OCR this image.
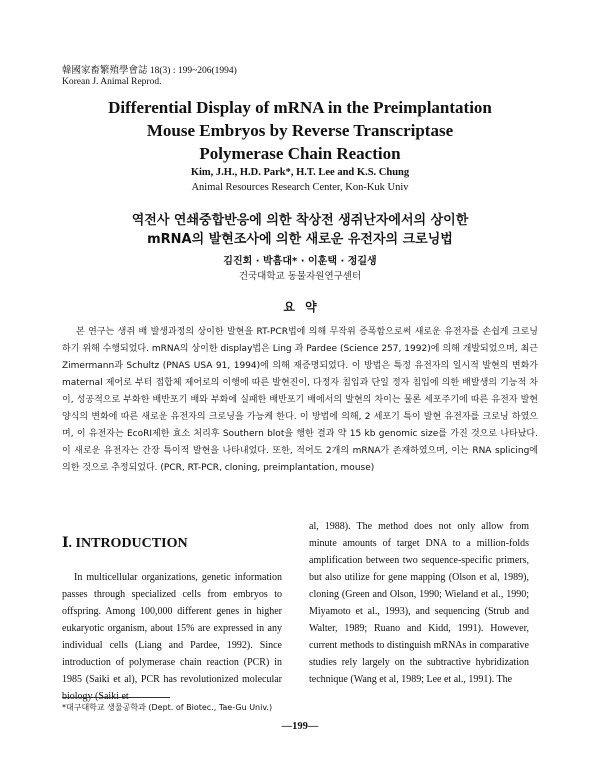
韓國家畜繁殖學會誌 18(3) : 199~206(1994)
Korean J. Animal Reprod.
Differential Display of mRNA in the Preimplantation
Mouse Embryos by Reverse Transcriptase
Polymerase Chain Reaction
Kim, J.H., H.D. Park*, H.T. Lee and K.S. Chung
Animal Resources Research Center, Kon-Kuk Univ
역전사 연쇄중합반응에 의한 착상전 생쥐난자에서의 상이한
mRNA의 발현조사에 의한 새로운 유전자의 크로닝법
김진회 · 박흠대* · 이훈택 · 정길생
건국대학교 동물자원연구센터
요 약

본 연구는 생쥐 배 발생과정의 상이한 발현을 RT-PCR법에 의해 무작위 증폭함으로써 새로운 유전자를 손쉽게 크로닝하기 위해 수행되었다. mRNA의 상이한 display법은 Ling 과 Pardee (Science 257, 1992)에 의해 개발되었으며, 최근 Zimermann과 Schultz (PNAS USA 91, 1994)에 의해 재증명되었다. 이 방법은 특정 유전자의 일시적 발현의 변화가 maternal 제어로 부터 접합체 제어로의 이행에 따른 발현진이, 다정자 침입과 단일 정자 침입에 의한 배발생의 기능적 차이, 성공적으로 부화한 배반포기 배와 부화에 실패한 배반포기 배에서의 발현의 차이는 물론 세포주기에 따른 유전자 발현 양식의 변화에 따른 새로운 유전자의 크로닝을 가능케 한다. 이 방법에 의해, 2 세포기 특이 발현 유전자를 크로닝 하였으며, 이 유전자는 EcoRI제한 효소 처리후 Southern blot을 행한 결과 약 15 kb genomic size를 가진 것으로 나타났다. 이 새로운 유전자는 간장 특이적 발현을 나타내었다. 또한, 적어도 2개의 mRNA가 존재하였으며, 이는 RNA splicing에 의한 것으로 추정되었다. (PCR, RT-PCR, cloning, preimplantation, mouse)

Ⅰ. INTRODUCTION

In multicellular organizations, genetic information passes through specialized cells from embryos to offspring. Among 100,000 different genes in higher eukaryotic organism, about 15% are expressed in any individual cells (Liang and Pardee, 1992). Since introduction of polymerase chain reaction (PCR) in 1985 (Saiki et al), PCR has revolutionized molecular biology (Saiki et

al, 1988). The method does not only allow from minute amounts of target DNA to a million-folds amplification between two sequence-specific primers, but also utilize for gene mapping (Olson et al, 1989), cloning (Green and Olson, 1990; Wieland et al., 1990; Miyamoto et al., 1993), and sequencing (Strub and Walter, 1989; Ruano and Kidd, 1991). However, current methods to distinguish mRNAs in comparative studies rely largely on the subtractive hybridization technique (Wang et al, 1989; Lee et al., 1991). The

*대구대학교 생물공학과 (Dept. of Biotec., Tae-Gu Univ.)
—199—
